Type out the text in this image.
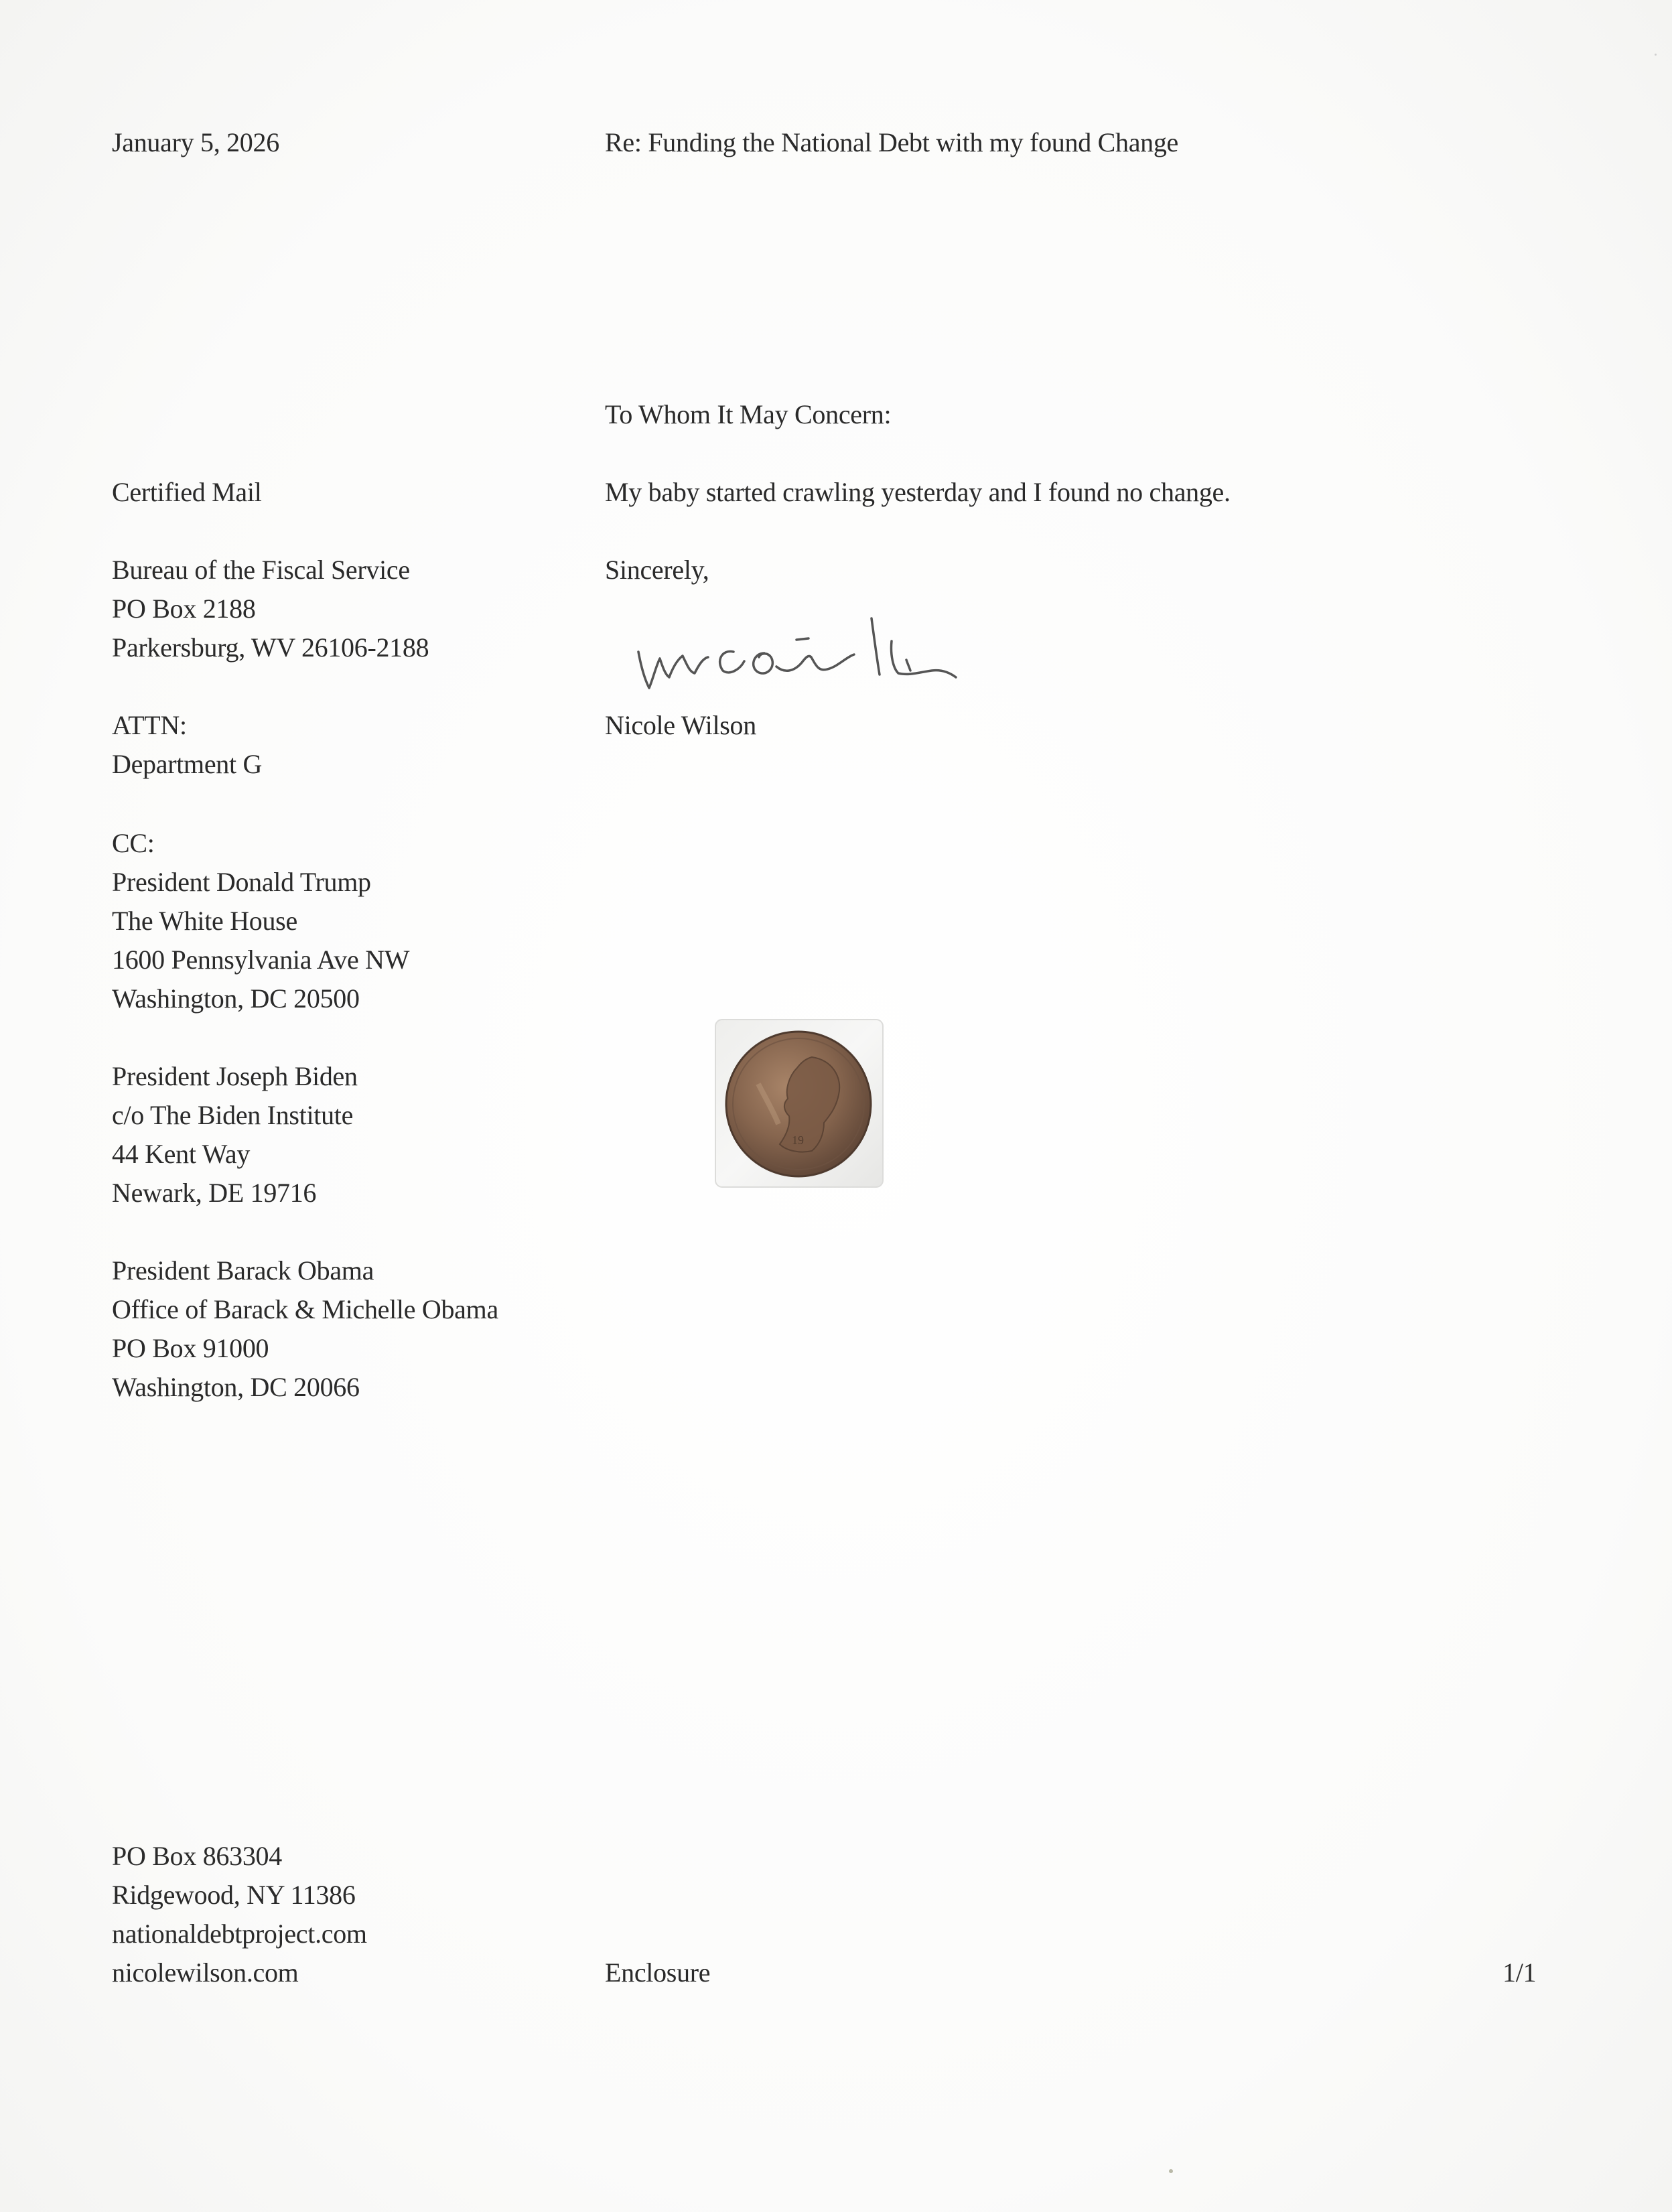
January 5, 2026	Re: Funding the National Debt with my found Change
To Whom It May Concern:
Certified Mail	My baby started crawling yesterday and I found no change.
Bureau of the Fiscal Service
PO Box 2188
Parkersburg, WV 26106-2188
Sincerely,
ATTN:
Department G
Nicole Wilson
CC:
President Donald Trump
The White House
1600 Pennsylvania Ave NW
Washington, DC 20500
President Joseph Biden
c/o The Biden Institute
44 Kent Way
Newark, DE 19716
President Barack Obama
Office of Barack & Michelle Obama
PO Box 91000
Washington, DC 20066
19
PO Box 863304
Ridgewood, NY 11386
nationaldebtproject.com
nicolewilson.com	Enclosure	1/1
